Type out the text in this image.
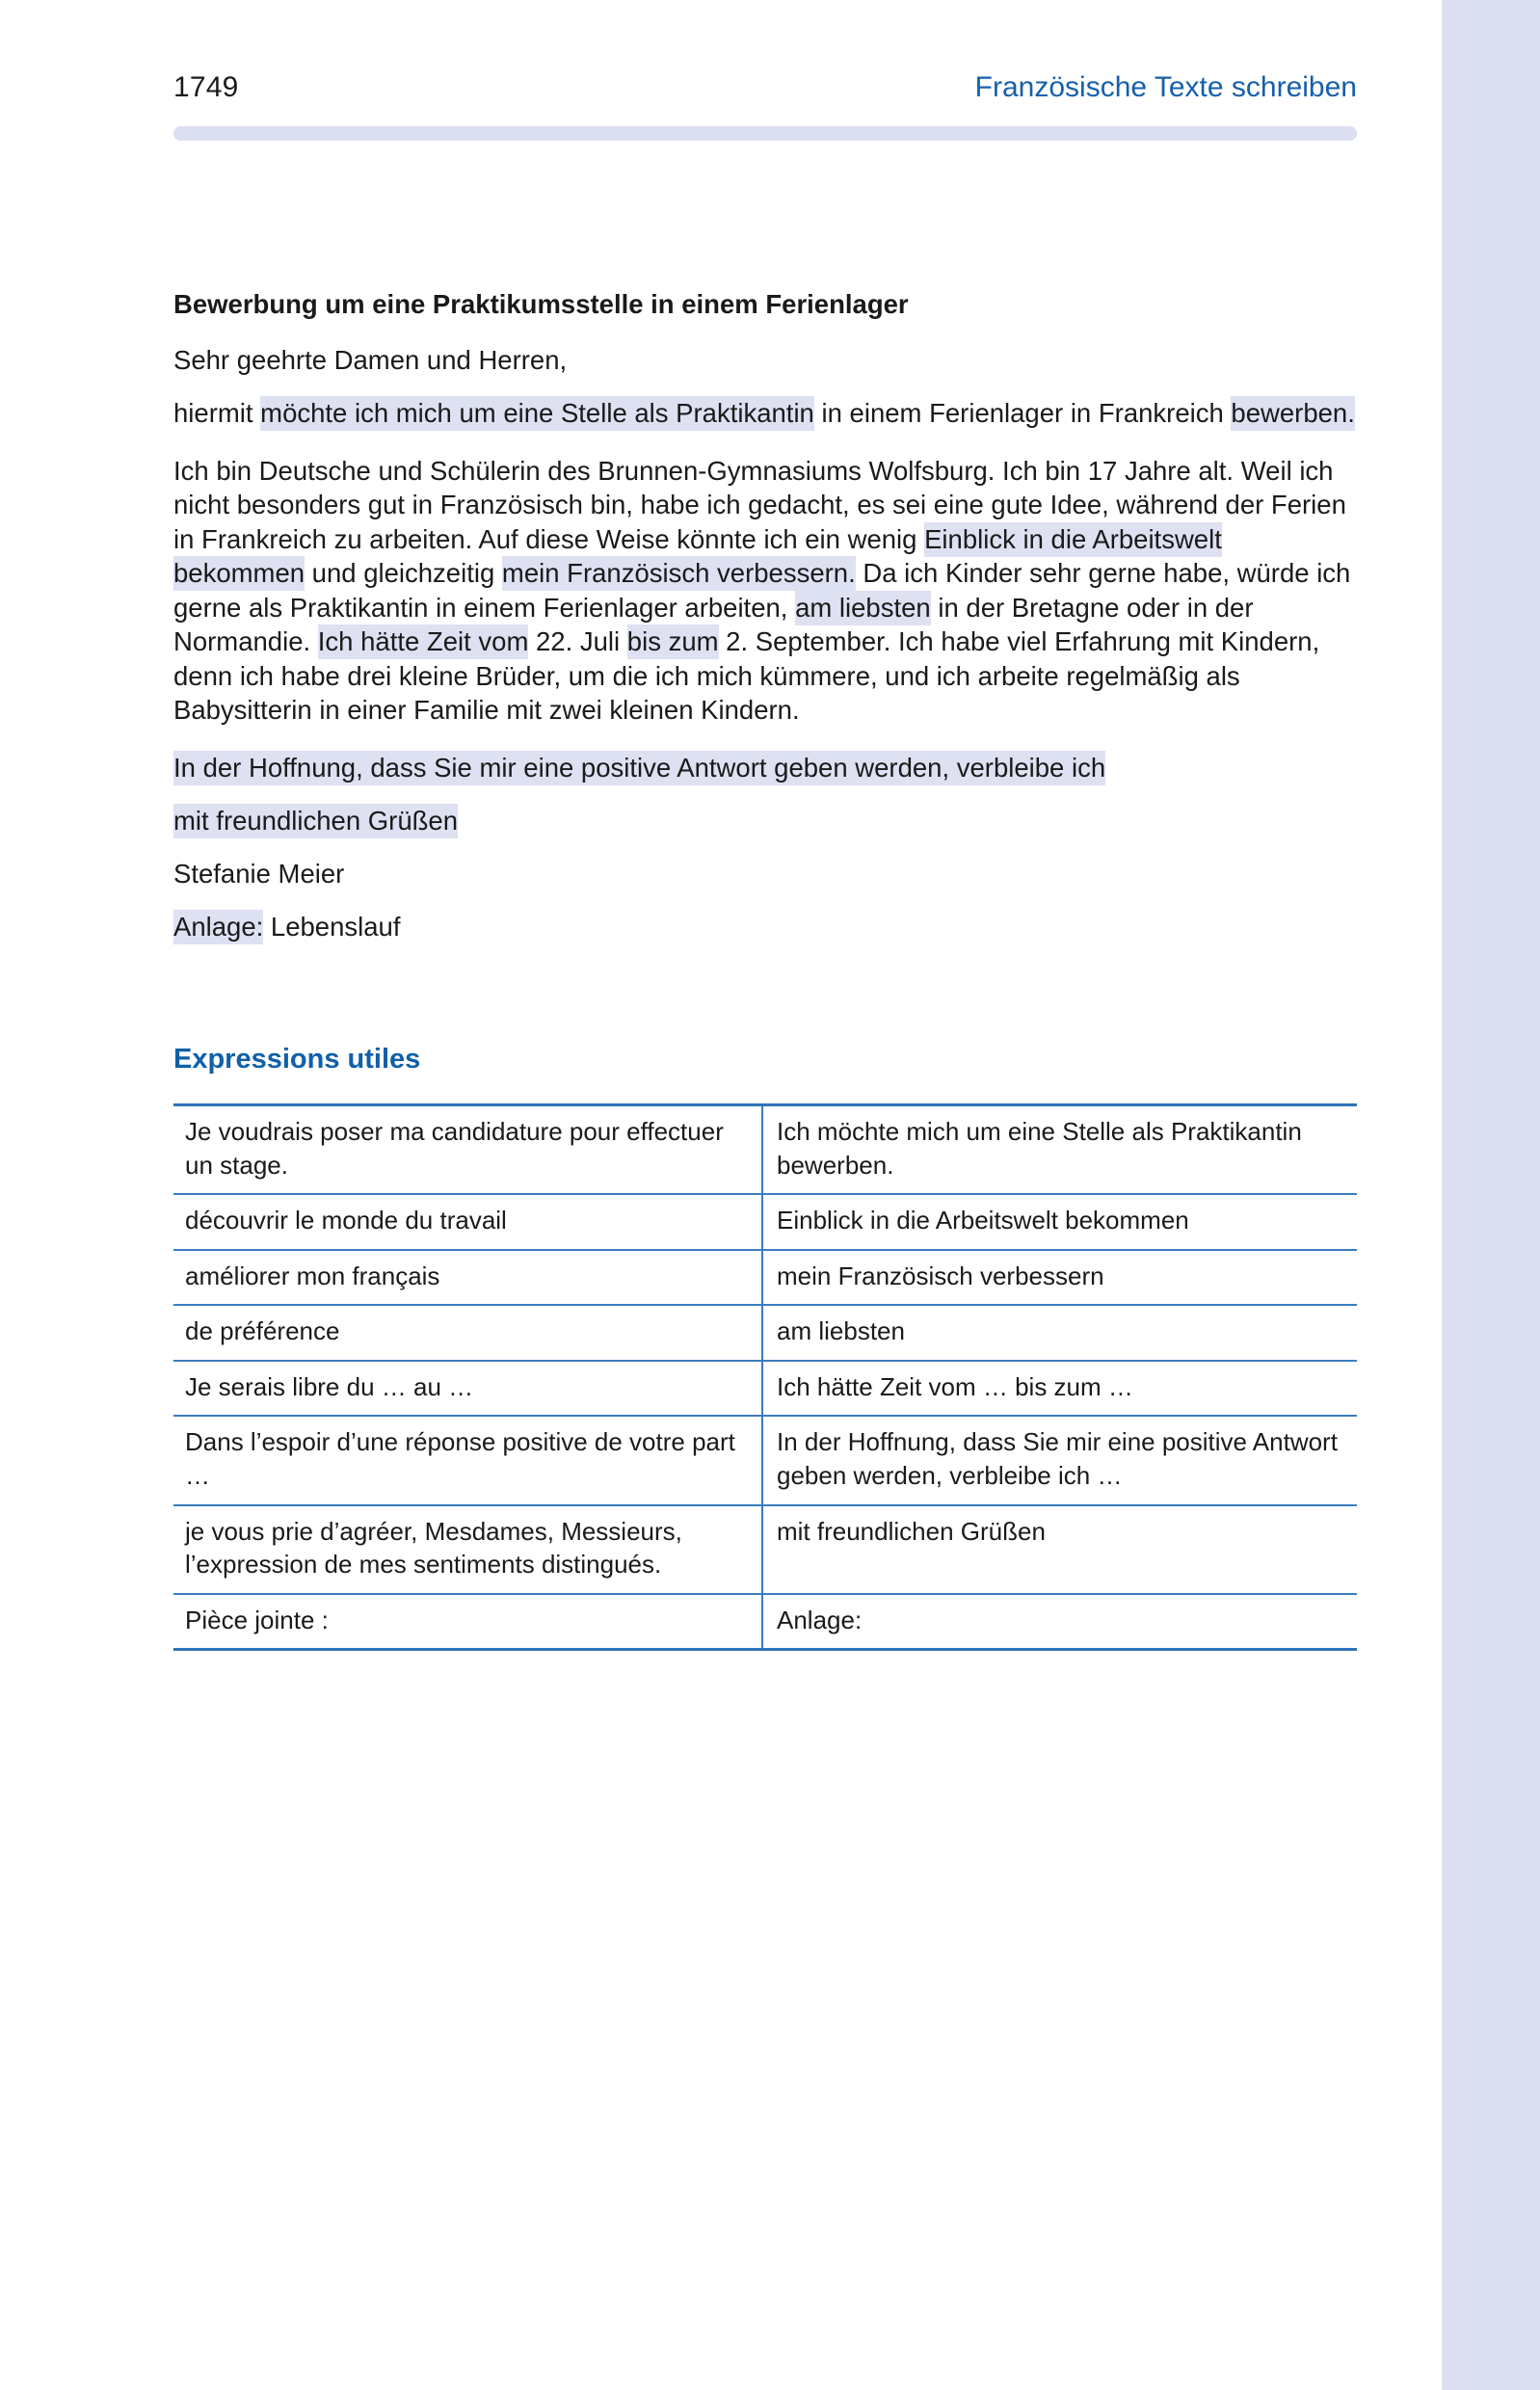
1749	Französische Texte schreiben

Bewerbung um eine Praktikumsstelle in einem Ferienlager

Sehr geehrte Damen und Herren,

hiermit möchte ich mich um eine Stelle als Praktikantin in einem Ferienlager in Frankreich bewerben.

Ich bin Deutsche und Schülerin des Brunnen-Gymnasiums Wolfsburg. Ich bin 17 Jahre alt. Weil ich nicht besonders gut in Französisch bin, habe ich gedacht, es sei eine gute Idee, während der Ferien in Frankreich zu arbeiten. Auf diese Weise könnte ich ein wenig Einblick in die Arbeitswelt bekommen und gleichzeitig mein Französisch verbessern. Da ich Kinder sehr gerne habe, würde ich gerne als Praktikantin in einem Ferienlager arbeiten, am liebsten in der Bretagne oder in der Normandie. Ich hätte Zeit vom 22. Juli bis zum 2. September. Ich habe viel Erfahrung mit Kindern, denn ich habe drei kleine Brüder, um die ich mich kümmere, und ich arbeite regelmäßig als Babysitterin in einer Familie mit zwei kleinen Kindern.

In der Hoffnung, dass Sie mir eine positive Antwort geben werden, verbleibe ich

mit freundlichen Grüßen

Stefanie Meier

Anlage: Lebenslauf

Expressions utiles
Je voudrais poser ma candidature pour effectuer un stage.	Ich möchte mich um eine Stelle als Praktikantin bewerben.
découvrir le monde du travail	Einblick in die Arbeitswelt bekommen
améliorer mon français	mein Französisch verbessern
de préférence	am liebsten
Je serais libre du … au …	Ich hätte Zeit vom … bis zum …
Dans l’espoir d’une réponse positive de votre part …	In der Hoffnung, dass Sie mir eine positive Antwort geben werden, verbleibe ich …
je vous prie d’agréer, Mesdames, Messieurs, l’expression de mes sentiments distingués.	mit freundlichen Grüßen
Pièce jointe :	Anlage:
